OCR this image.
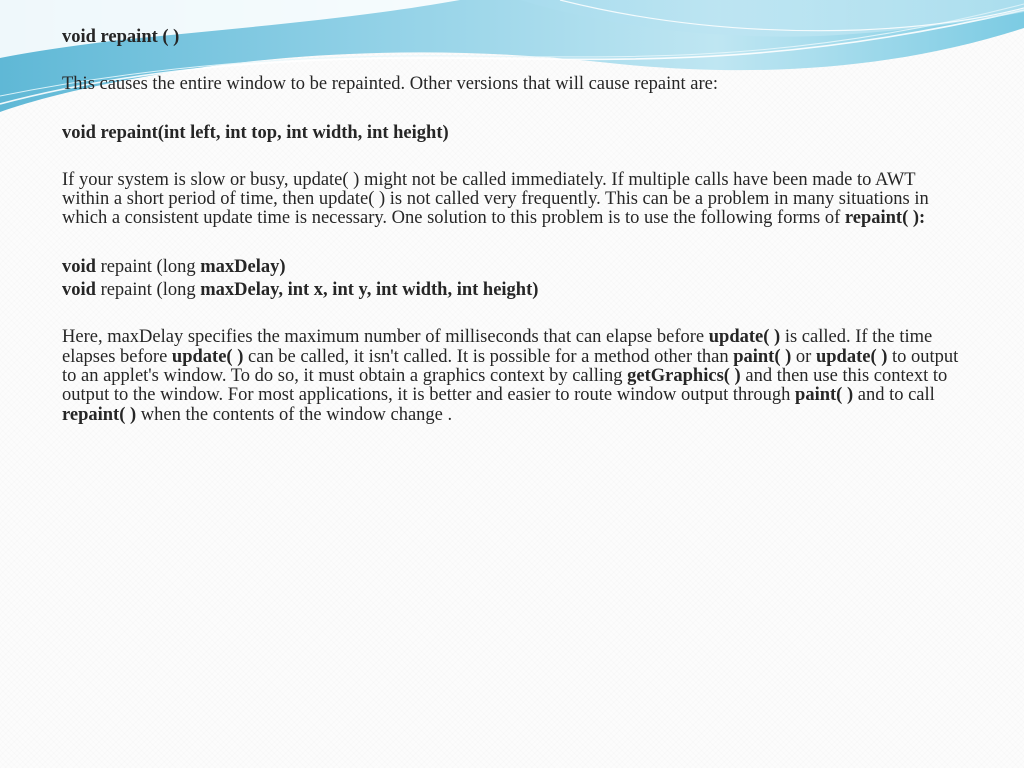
void repaint ( )

This causes the entire window to be repainted. Other versions that will cause repaint are:

void repaint(int left, int top, int width, int height)

If your system is slow or busy, update( ) might not be called immediately. If multiple calls have been made to AWT within a short period of time, then update( ) is not called very frequently. This can be a problem in many situations in which a consistent update time is necessary. One solution to this problem is to use the following forms of repaint( ):

void repaint (long maxDelay)

void repaint (long maxDelay, int x, int y, int width, int height)

Here, maxDelay specifies the maximum number of milliseconds that can elapse before update( ) is called. If the time elapses before update( ) can be called, it isn't called. It is possible for a method other than paint( ) or update( ) to output to an applet's window. To do so, it must obtain a graphics context by calling getGraphics( ) and then use this context to output to the window. For most applications, it is better and easier to route window output through paint( ) and to call repaint( ) when the contents of the window change .
